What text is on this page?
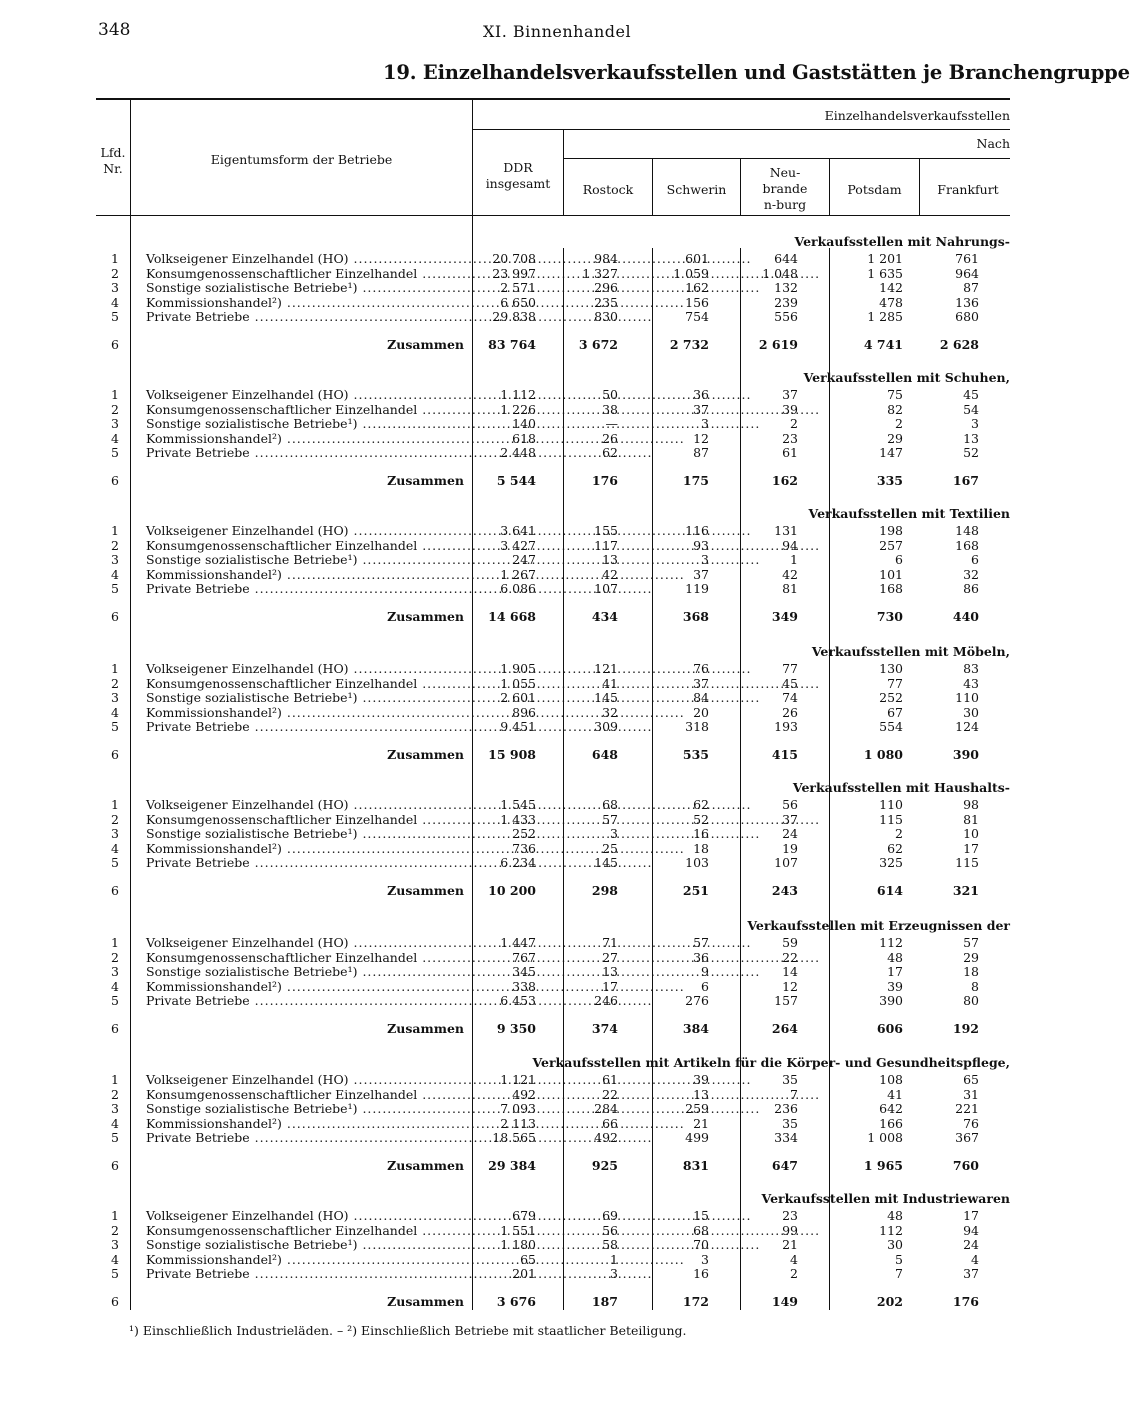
348	XI. Binnenhandel
19. Einzelhandelsverkaufsstellen und Gaststätten je Branchengruppe
Lfd. Nr.
Eigentumsform der Betriebe
Einzelhandelsverkaufsstellen
Nach
DDR insgesamt	Rostock	Schwerin
Neu-branden-burg
Potsdam	Frankfurt
Verkaufsstellen mit Nahrungs-
1 Volkseigener Einzelhandel (HO) .....	20 708	984	601	644	1 201	761
2 Konsumgenossenschaftlicher Einzelhandel .....	23 997	1 327	1 059	1 048	1 635	964
3 Sonstige sozialistische Betriebe¹) .....	2 571	296	162	132	142	87
4 Kommissionshandel²) .....	6 650	235	156	239	478	136
5 Private Betriebe .....	29 838	830	754	556	1 285	680
6	Zusammen	83 764	3 672	2 732	2 619	4 741	2 628
Verkaufsstellen mit Schuhen,
1 Volkseigener Einzelhandel (HO) .....	1 112	50	36	37	75	45
2 Konsumgenossenschaftlicher Einzelhandel .....	1 226	38	37	39	82	54
3 Sonstige sozialistische Betriebe¹) .....	140	—	3	2	2	3
4 Kommissionshandel²) .....	618	26	12	23	29	13
5 Private Betriebe .....	2 448	62	87	61	147	52
6	Zusammen	5 544	176	175	162	335	167
Verkaufsstellen mit Textilien
1 Volkseigener Einzelhandel (HO) .....	3 641	155	116	131	198	148
2 Konsumgenossenschaftlicher Einzelhandel .....	3 427	117	93	94	257	168
3 Sonstige sozialistische Betriebe¹) .....	247	13	3	1	6	6
4 Kommissionshandel²) .....	1 267	42	37	42	101	32
5 Private Betriebe .....	6 086	107	119	81	168	86
6	Zusammen	14 668	434	368	349	730	440
Verkaufsstellen mit Möbeln,
1 Volkseigener Einzelhandel (HO) .....	1 905	121	76	77	130	83
2 Konsumgenossenschaftlicher Einzelhandel .....	1 055	41	37	45	77	43
3 Sonstige sozialistische Betriebe¹) .....	2 601	145	84	74	252	110
4 Kommissionshandel²) .....	896	32	20	26	67	30
5 Private Betriebe .....	9 451	309	318	193	554	124
6	Zusammen	15 908	648	535	415	1 080	390
Verkaufsstellen mit Haushalts-
1 Volkseigener Einzelhandel (HO) .....	1 545	68	62	56	110	98
2 Konsumgenossenschaftlicher Einzelhandel .....	1 433	57	52	37	115	81
3 Sonstige sozialistische Betriebe¹) .....	252	3	16	24	2	10
4 Kommissionshandel²) .....	736	25	18	19	62	17
5 Private Betriebe .....	6 234	145	103	107	325	115
6	Zusammen	10 200	298	251	243	614	321
Verkaufsstellen mit Erzeugnissen der
1 Volkseigener Einzelhandel (HO) .....	1 447	71	57	59	112	57
2 Konsumgenossenschaftlicher Einzelhandel .....	767	27	36	22	48	29
3 Sonstige sozialistische Betriebe¹) .....	345	13	9	14	17	18
4 Kommissionshandel²) .....	338	17	6	12	39	8
5 Private Betriebe .....	6 453	246	276	157	390	80
6	Zusammen	9 350	374	384	264	606	192
Verkaufsstellen mit Artikeln für die Körper- und Gesundheitspflege,
1 Volkseigener Einzelhandel (HO) .....	1 121	61	39	35	108	65
2 Konsumgenossenschaftlicher Einzelhandel .....	492	22	13	7	41	31
3 Sonstige sozialistische Betriebe¹) .....	7 093	284	259	236	642	221
4 Kommissionshandel²) .....	2 113	66	21	35	166	76
5 Private Betriebe .....	18 565	492	499	334	1 008	367
6	Zusammen	29 384	925	831	647	1 965	760
Verkaufsstellen mit Industriewaren
1 Volkseigener Einzelhandel (HO) .....	679	69	15	23	48	17
2 Konsumgenossenschaftlicher Einzelhandel .....	1 551	56	68	99	112	94
3 Sonstige sozialistische Betriebe¹) .....	1 180	58	70	21	30	24
4 Kommissionshandel²) .....	65	1	3	4	5	4
5 Private Betriebe .....	201	3	16	2	7	37
6	Zusammen	3 676	187	172	149	202	176
¹) Einschließlich Industrieläden. – ²) Einschließlich Betriebe mit staatlicher Beteiligung.
